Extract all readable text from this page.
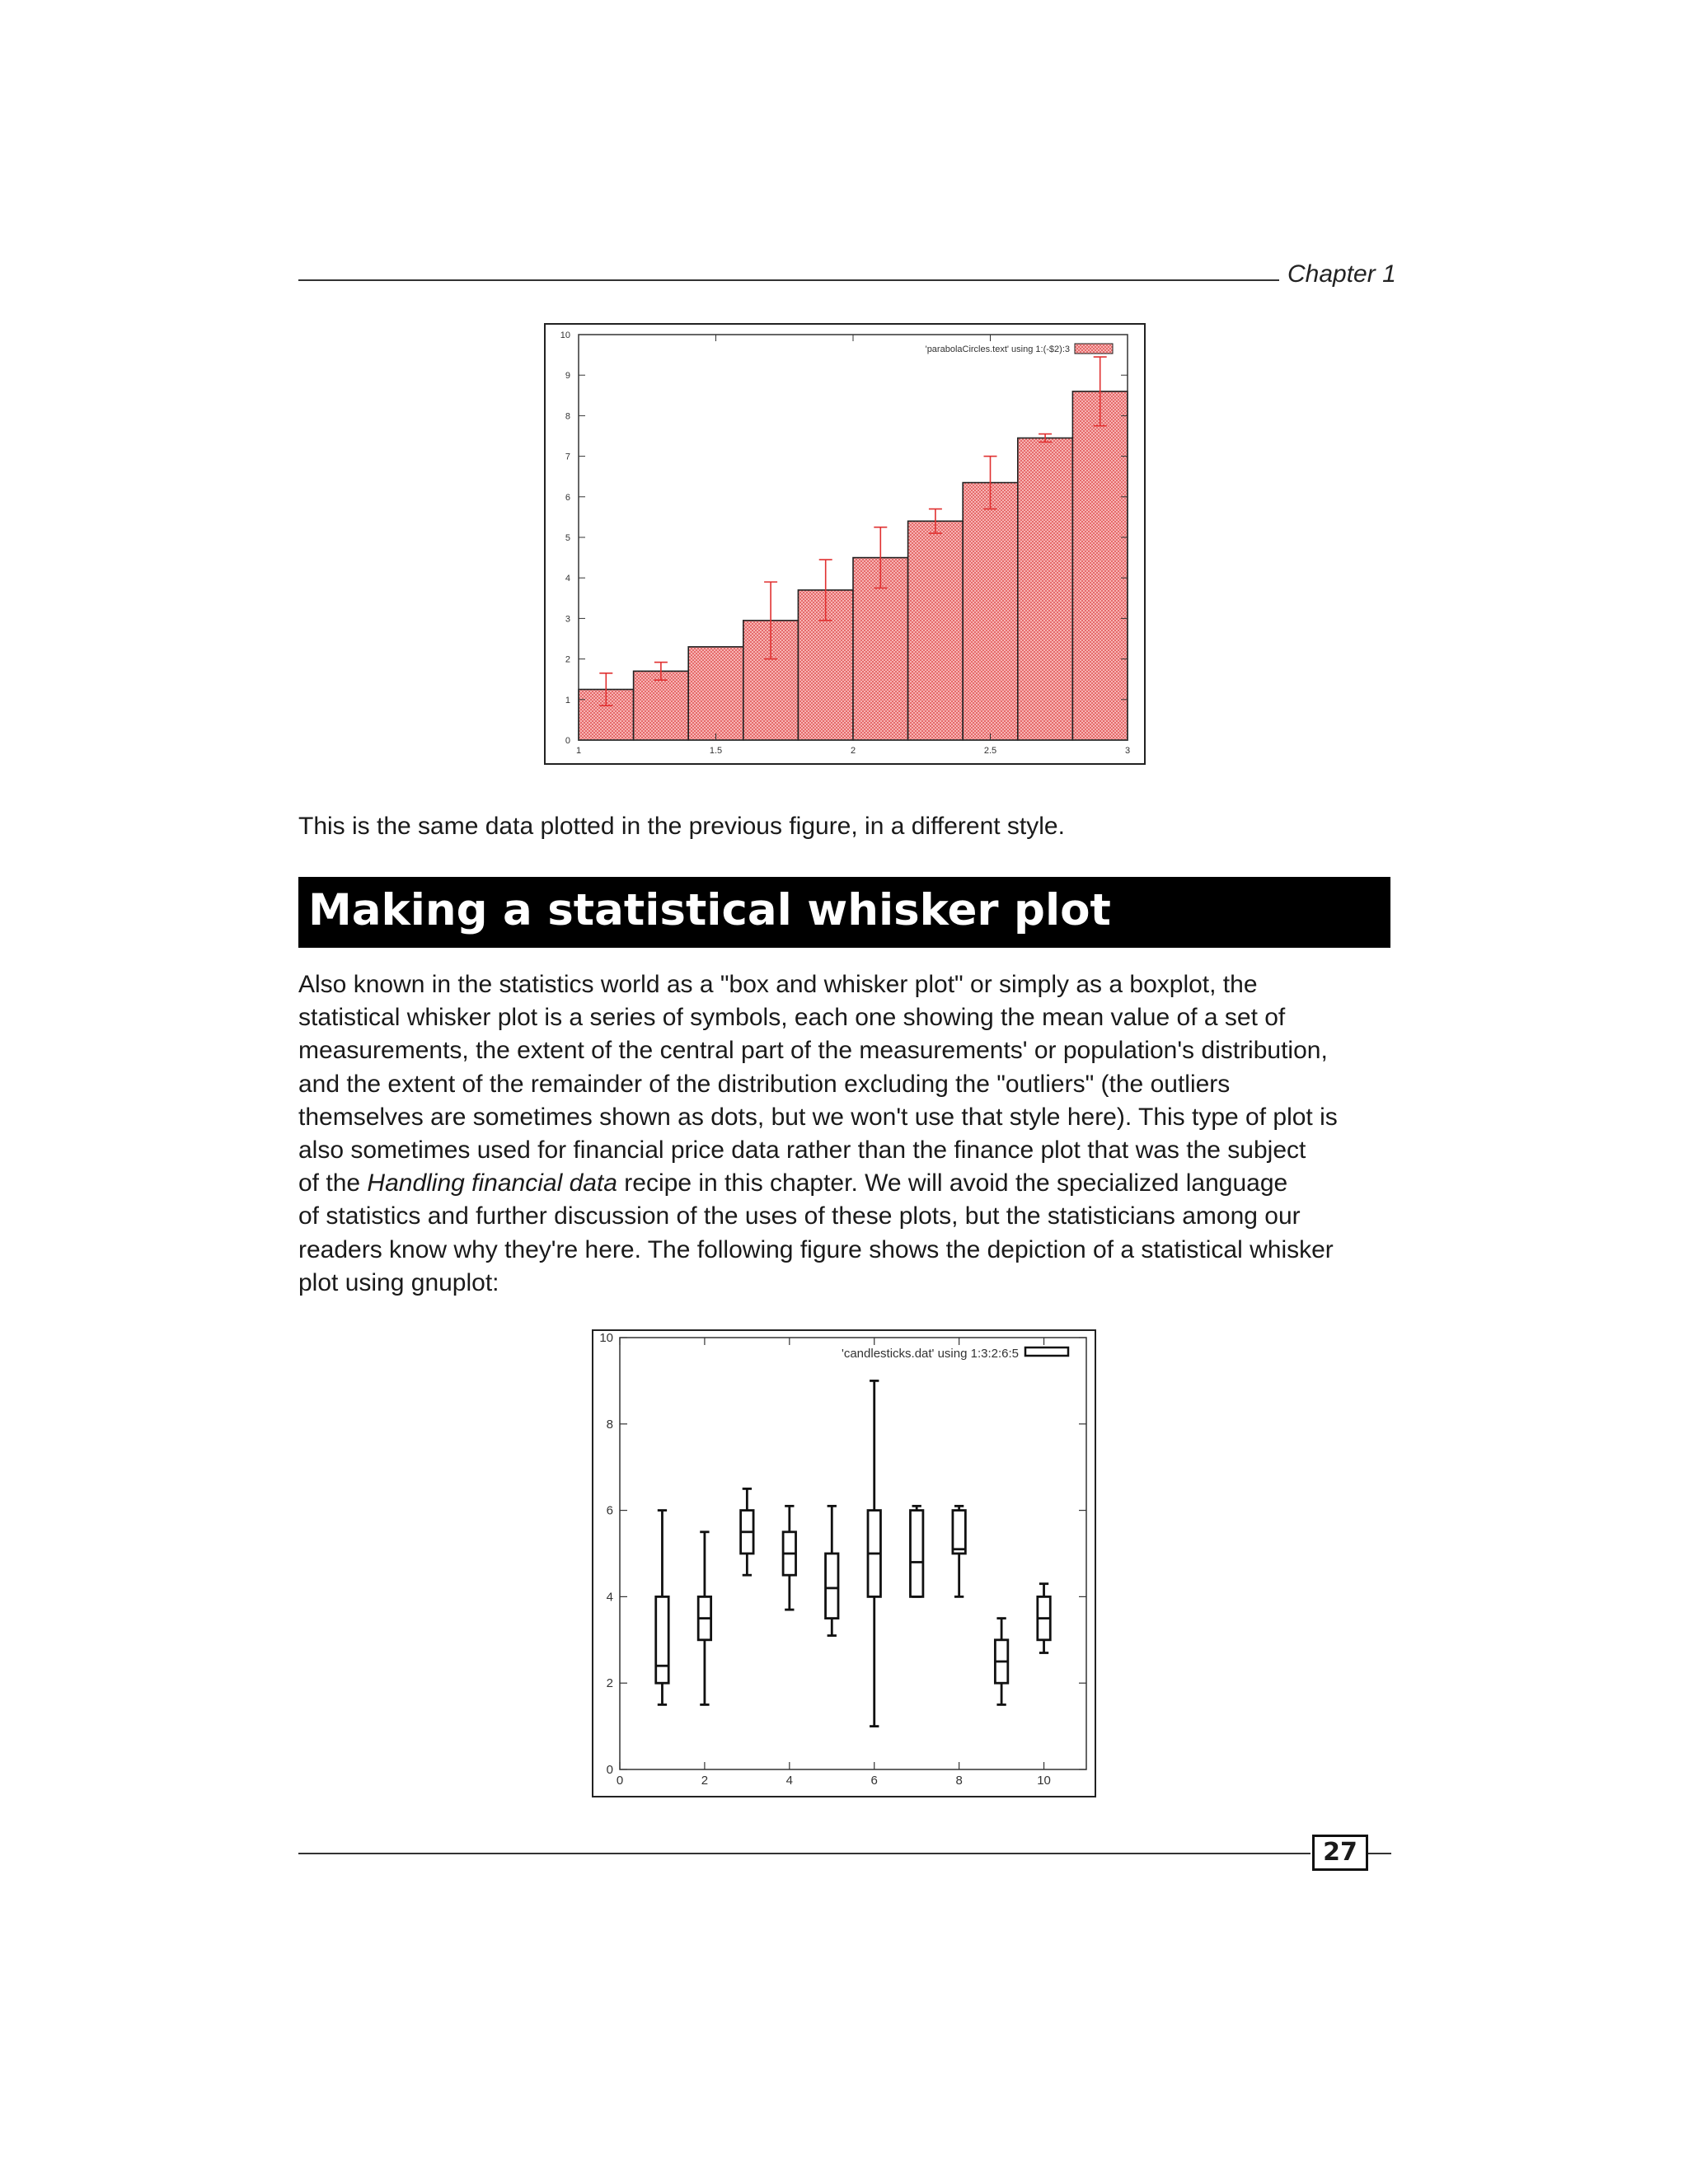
Chapter 1
0
1
2
3
4
5
6
7
8
9
10
1	1.5	2	2.5	3
'parabolaCircles.text' using 1:(-$2):3
This is the same data plotted in the previous figure, in a different style.
Making a statistical whisker plot

Also known in the statistics world as a "box and whisker plot" or simply as a boxplot, the

statistical whisker plot is a series of symbols, each one showing the mean value of a set of

measurements, the extent of the central part of the measurements' or population's distribution,

and the extent of the remainder of the distribution excluding the "outliers" (the outliers

themselves are sometimes shown as dots, but we won't use that style here). This type of plot is

also sometimes used for financial price data rather than the finance plot that was the subject

of the Handling financial data recipe in this chapter. We will avoid the specialized language

of statistics and further discussion of the uses of these plots, but the statisticians among our

readers know why they're here. The following figure shows the depiction of a statistical whisker

plot using gnuplot:

0
2
4
6
8
10
0	2	4	6	8	10
'candlesticks.dat' using 1:3:2:6:5
27
